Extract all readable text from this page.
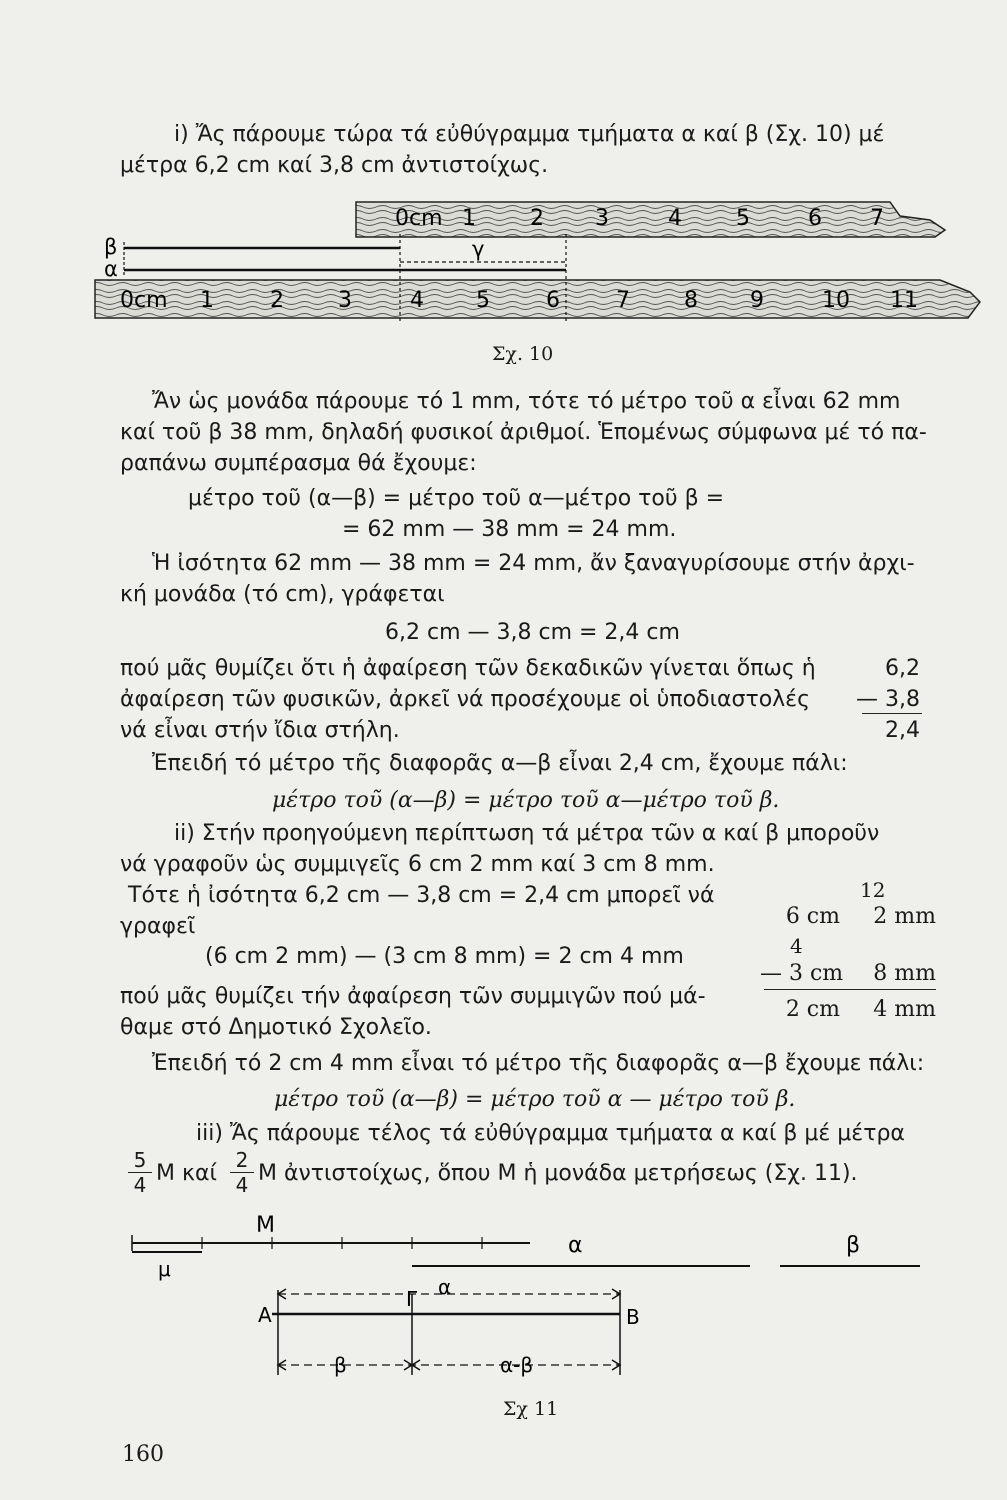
i) Ἄς πάρουμε τώρα τά εὐθύγραμμα τμήματα α καί β (Σχ. 10) μέ
μέτρα 6,2 cm καί 3,8 cm ἀντιστοίχως.
0cm 1 2 3	4 5	6 7
0cm 1	2 3	4 5	6	7 8 9	10 11
β
α
γ
Σχ. 10
Ἄν ὡς μονάδα πάρουμε τό 1 mm, τότε τό μέτρο τοῦ α εἶναι 62 mm
καί τοῦ β 38 mm, δηλαδή φυσικοί ἀριθμοί. Ἑπομένως σύμφωνα μέ τό πα-
ραπάνω συμπέρασμα θά ἔχουμε:
μέτρο τοῦ (α—β) = μέτρο τοῦ α—μέτρο τοῦ β =
= 62 mm — 38 mm = 24 mm.
Ἡ ἰσότητα 62 mm — 38 mm = 24 mm, ἄν ξαναγυρίσουμε στήν ἀρχι-
κή μονάδα (τό cm), γράφεται
6,2 cm — 3,8 cm = 2,4 cm
πού μᾶς θυμίζει ὅτι ἡ ἀφαίρεση τῶν δεκαδικῶν γίνεται ὅπως ἡ
ἀφαίρεση τῶν φυσικῶν, ἀρκεῖ νά προσέχουμε οἱ ὑποδιαστολές
νά εἶναι στήν ἴδια στήλη.
6,2
— 3,8
2,4
Ἐπειδή τό μέτρο τῆς διαφορᾶς α—β εἶναι 2,4 cm, ἔχουμε πάλι:
μέτρο τοῦ (α—β) = μέτρο τοῦ α—μέτρο τοῦ β.
ii) Στήν προηγούμενη περίπτωση τά μέτρα τῶν α καί β μποροῦν
νά γραφοῦν ὡς συμμιγεῖς 6 cm 2 mm καί 3 cm 8 mm.
Τότε ἡ ἰσότητα 6,2 cm — 3,8 cm = 2,4 cm μπορεῖ νά
γραφεῖ
(6 cm 2 mm) — (3 cm 8 mm) = 2 cm 4 mm
πού μᾶς θυμίζει τήν ἀφαίρεση τῶν συμμιγῶν πού μά-
θαμε στό Δημοτικό Σχολεῖο.
12
6 cm	2 mm
4
— 3 cm	8 mm
2 cm	4 mm
Ἐπειδή τό 2 cm 4 mm εἶναι τό μέτρο τῆς διαφορᾶς α—β ἔχουμε πάλι:
μέτρο τοῦ (α—β) = μέτρο τοῦ α — μέτρο τοῦ β.
iii) Ἄς πάρουμε τέλος τά εὐθύγραμμα τμήματα α καί β μέ μέτρα
5
4 Μ καί
2
4 Μ ἀντιστοίχως, ὅπου Μ ἡ μονάδα μετρήσεως (Σχ. 11).
Μ
μ
α	β
α
Α	Β
Γ
β	α-β
Σχ 11
160
